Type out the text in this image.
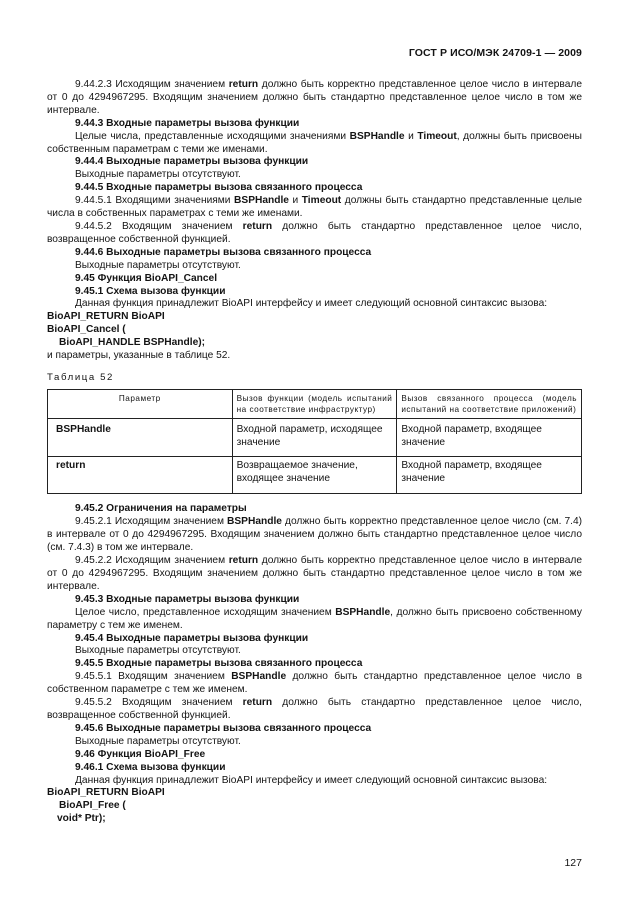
ГОСТ Р ИСО/МЭК 24709-1 — 2009

9.44.2.3 Исходящим значением return должно быть корректно представленное целое число в интервале от 0 до 4294967295. Входящим значением должно быть стандартно представленное целое число в том же интервале.

9.44.3 Входные параметры вызова функции

Целые числа, представленные исходящими значениями BSPHandle и Timeout, должны быть присвоены собственным параметрам с теми же именами.

9.44.4 Выходные параметры вызова функции

Выходные параметры отсутствуют.

9.44.5 Входные параметры вызова связанного процесса

9.44.5.1 Входящими значениями BSPHandle и Timeout должны быть стандартно представленные целые числа в собственных параметрах с теми же именами.

9.44.5.2 Входящим значением return должно быть стандартно представленное целое число, возвращенное собственной функцией.

9.44.6 Выходные параметры вызова связанного процесса

Выходные параметры отсутствуют.

9.45 Функция BioAPI_Cancel

9.45.1 Схема вызова функции

Данная функция принадлежит BioAPI интерфейсу и имеет следующий основной синтаксис вызова:

BioAPI_RETURN BioAPI

BioAPI_Cancel (

BioAPI_HANDLE BSPHandle);

и параметры, указанные в таблице 52.

Таблица 52

Параметр	Вызов функции (модель испытаний на соответствие инфраструктур)	Вызов связанного процесса (модель испытаний на соответствие приложений)
BSPHandle	Входной параметр, исходящее значение	Входной параметр, входящее значение
return	Возвращаемое значение, входящее значение	Входной параметр, входящее значение

9.45.2 Ограничения на параметры

9.45.2.1 Исходящим значением BSPHandle должно быть корректно представленное целое число (см. 7.4) в интервале от 0 до 4294967295. Входящим значением должно быть стандартно представленное целое число (см. 7.4.3) в том же интервале.

9.45.2.2 Исходящим значением return должно быть корректно представленное целое число в интервале от 0 до 4294967295. Входящим значением должно быть стандартно представленное целое число в том же интервале.

9.45.3 Входные параметры вызова функции

Целое число, представленное исходящим значением BSPHandle, должно быть присвоено собственному параметру с тем же именем.

9.45.4 Выходные параметры вызова функции

Выходные параметры отсутствуют.

9.45.5 Входные параметры вызова связанного процесса

9.45.5.1 Входящим значением BSPHandle должно быть стандартно представленное целое число в собственном параметре с тем же именем.

9.45.5.2 Входящим значением return должно быть стандартно представленное целое число, возвращенное собственной функцией.

9.45.6 Выходные параметры вызова связанного процесса

Выходные параметры отсутствуют.

9.46 Функция BioAPI_Free

9.46.1 Схема вызова функции

Данная функция принадлежит BioAPI интерфейсу и имеет следующий основной синтаксис вызова:

BioAPI_RETURN BioAPI

BioAPI_Free (

void* Ptr);

127
